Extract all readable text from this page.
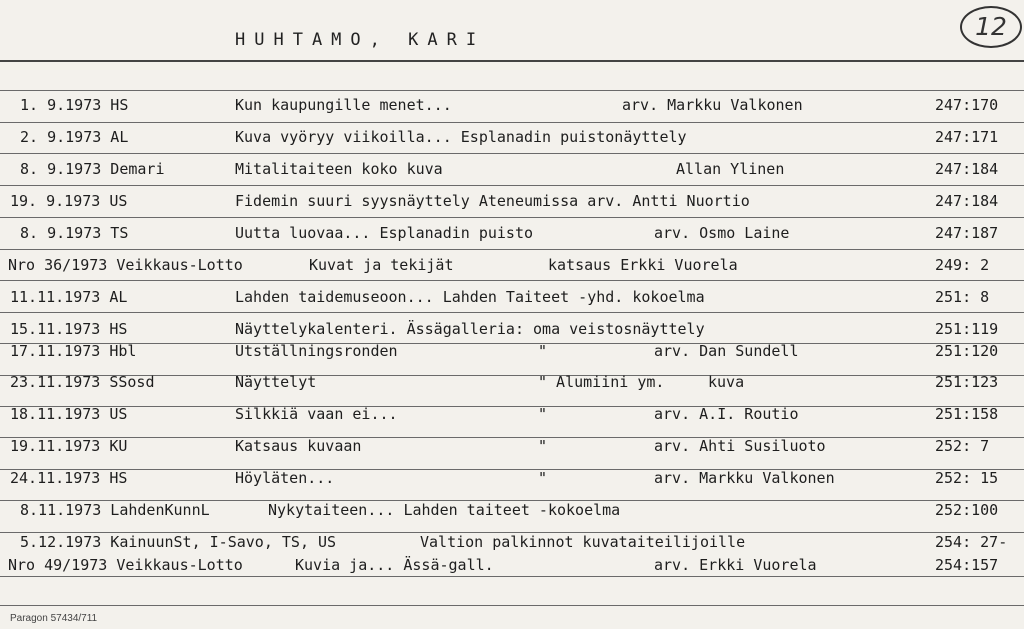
HUHTAMO, KARI	12
1. 9.1973 HS	Kun kaupungille menet...	arv. Markku Valkonen	247:170
2. 9.1973 AL	Kuva vyöryy viikoilla... Esplanadin puistonäyttely	247:171
8. 9.1973 Demari	Mitalitaiteen koko kuva	Allan Ylinen	247:184
19. 9.1973 US	Fidemin suuri syysnäyttely Ateneumissa arv. Antti Nuortio	247:184
8. 9.1973 TS	Uutta luovaa... Esplanadin puisto	arv. Osmo Laine	247:187
Nro 36/1973 Veikkaus-Lotto	Kuvat ja tekijät	katsaus Erkki Vuorela	249: 2
11.11.1973 AL	Lahden taidemuseoon... Lahden Taiteet -yhd. kokoelma	251: 8
15.11.1973 HS	Näyttelykalenteri. Ässägalleria: oma veistosnäyttely	251:119
17.11.1973 Hbl	Utställningsronden	"	arv. Dan Sundell	251:120
23.11.1973 SSosd	Näyttelyt	" Alumiini ym.	kuva	251:123
18.11.1973 US	Silkkiä vaan ei...	"	arv. A.I. Routio	251:158
19.11.1973 KU	Katsaus kuvaan	"	arv. Ahti Susiluoto	252: 7
24.11.1973 HS	Höyläten...	"	arv. Markku Valkonen	252: 15
8.11.1973 LahdenKunnL	Nykytaiteen... Lahden taiteet -kokoelma	252:100
5.12.1973 KainuunSt, I-Savo, TS, US	Valtion palkinnot kuvataiteilijoille	254: 27-
Nro 49/1973 Veikkaus-Lotto	Kuvia ja... Ässä-gall.	arv. Erkki Vuorela	254:157
Paragon 57434/711
